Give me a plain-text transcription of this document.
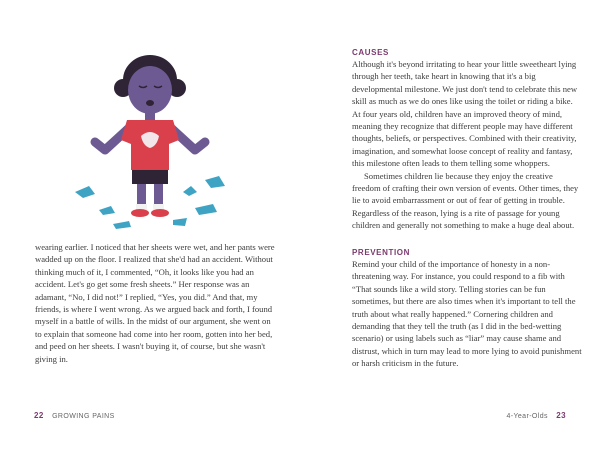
wearing earlier. I noticed that her sheets were wet, and her pants were wadded up on the floor. I realized that she'd had an accident. Without thinking much of it, I commented, “Oh, it looks like you had an accident. Let's go get some fresh sheets.” Her response was an adamant, “No, I did not!” I replied, “Yes, you did.” And that, my friends, is where I went wrong. As we argued back and forth, I found myself in a battle of wills. In the midst of our argument, she went on to explain that someone had come into her room, gotten into her bed, and peed on her sheets. I wasn't buying it, of course, but she wasn't giving in.

22 GROWING PAINS
CAUSES

Although it's beyond irritating to hear your little sweetheart lying through her teeth, take heart in knowing that it's a big developmental milestone. We just don't tend to celebrate this new skill as much as we do ones like using the toilet or riding a bike. At four years old, children have an improved theory of mind, meaning they recognize that different people may have different thoughts, beliefs, or perspectives. Combined with their creativity, imagination, and somewhat loose concept of reality and fantasy, this milestone often leads to them telling some whoppers.

Sometimes children lie because they enjoy the creative freedom of crafting their own version of events. Other times, they lie to avoid embarrassment or out of fear of getting in trouble. Regardless of the reason, lying is a rite of passage for young children and generally not something to make a huge deal about.

PREVENTION

Remind your child of the importance of honesty in a non-threatening way. For instance, you could respond to a fib with “That sounds like a wild story. Telling stories can be fun sometimes, but there are also times when it's important to tell the truth about what really happened.” Cornering children and demanding that they tell the truth (as I did in the bed-wetting scenario) or using labels such as “liar” may cause shame and distrust, which in turn may lead to more lying to avoid punishment or harsh criticism in the future.

4-Year-Olds 23
